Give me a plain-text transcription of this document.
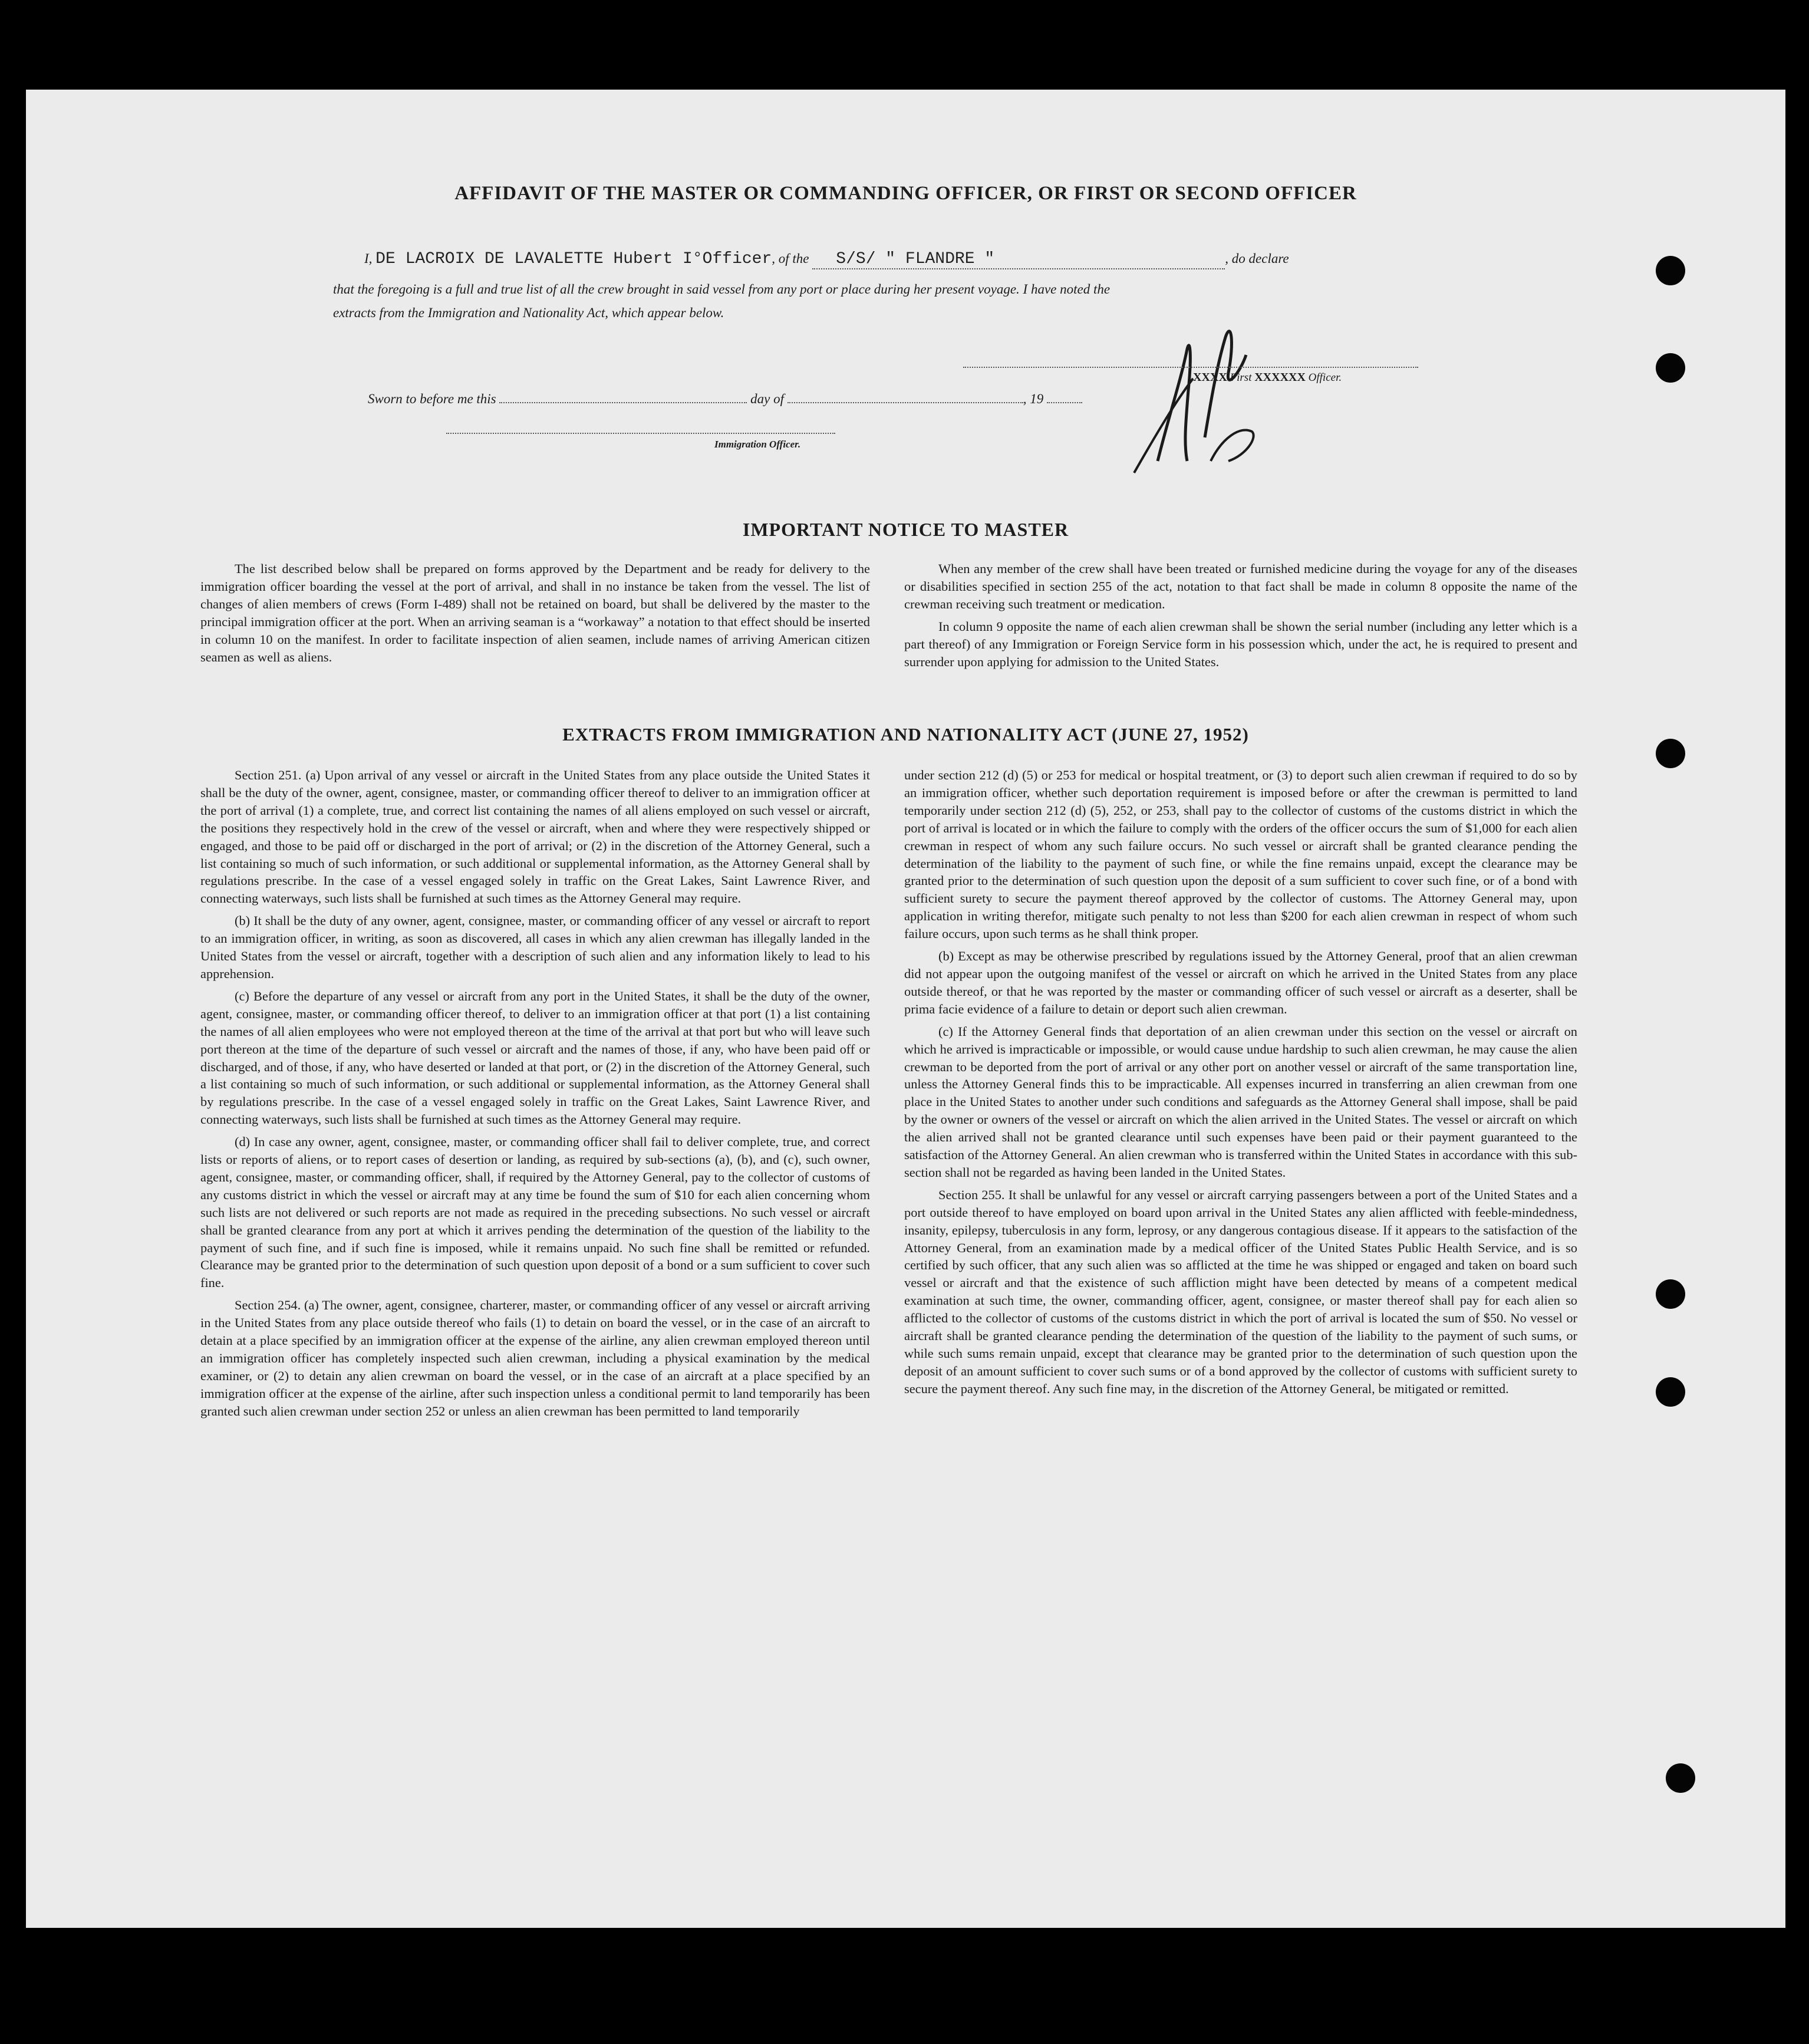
AFFIDAVIT OF THE MASTER OR COMMANDING OFFICER, OR FIRST OR SECOND OFFICER
I, DE LACROIX DE LAVALETTE Hubert I°Officer, of the S/S/ " FLANDRE "	, do declare
that the foregoing is a full and true list of all the crew brought in said vessel from any port or place during her present voyage. I have noted the
extracts from the Immigration and Nationality Act, which appear below.
XXXX First XXXXXX Officer.
Sworn to before me this	day of	, 19
Immigration Officer.
IMPORTANT NOTICE TO MASTER

The list described below shall be prepared on forms approved by the Department and be ready for delivery to the immigration officer boarding the vessel at the port of arrival, and shall in no instance be taken from the vessel. The list of changes of alien members of crews (Form I-489) shall not be retained on board, but shall be delivered by the master to the principal immigration officer at the port. When an arriving seaman is a “workaway” a notation to that effect should be inserted in column 10 on the manifest. In order to facilitate inspection of alien seamen, include names of arriving American citizen seamen as well as aliens.

When any member of the crew shall have been treated or furnished medicine during the voyage for any of the diseases or disabilities specified in section 255 of the act, notation to that fact shall be made in column 8 opposite the name of the crewman receiving such treatment or medication.

In column 9 opposite the name of each alien crewman shall be shown the serial number (including any letter which is a part thereof) of any Immigration or Foreign Service form in his possession which, under the act, he is required to present and surrender upon applying for admission to the United States.

EXTRACTS FROM IMMIGRATION AND NATIONALITY ACT (JUNE 27, 1952)

Section 251. (a) Upon arrival of any vessel or aircraft in the United States from any place outside the United States it shall be the duty of the owner, agent, consignee, master, or commanding officer thereof to deliver to an immigration officer at the port of arrival (1) a complete, true, and correct list containing the names of all aliens employed on such vessel or aircraft, the positions they respectively hold in the crew of the vessel or aircraft, when and where they were respectively shipped or engaged, and those to be paid off or discharged in the port of arrival; or (2) in the discretion of the Attorney General, such a list containing so much of such information, or such additional or supplemental information, as the Attorney General shall by regulations prescribe. In the case of a vessel engaged solely in traffic on the Great Lakes, Saint Lawrence River, and connecting waterways, such lists shall be furnished at such times as the Attorney General may require.

(b) It shall be the duty of any owner, agent, consignee, master, or commanding officer of any vessel or aircraft to report to an immigration officer, in writing, as soon as discovered, all cases in which any alien crewman has illegally landed in the United States from the vessel or aircraft, together with a description of such alien and any information likely to lead to his apprehension.

(c) Before the departure of any vessel or aircraft from any port in the United States, it shall be the duty of the owner, agent, consignee, master, or commanding officer thereof, to deliver to an immigration officer at that port (1) a list containing the names of all alien employees who were not employed thereon at the time of the arrival at that port but who will leave such port thereon at the time of the departure of such vessel or aircraft and the names of those, if any, who have been paid off or discharged, and of those, if any, who have deserted or landed at that port, or (2) in the discretion of the Attorney General, such a list containing so much of such information, or such additional or supplemental information, as the Attorney General shall by regulations prescribe. In the case of a vessel engaged solely in traffic on the Great Lakes, Saint Lawrence River, and connecting waterways, such lists shall be furnished at such times as the Attorney General may require.

(d) In case any owner, agent, consignee, master, or commanding officer shall fail to deliver complete, true, and correct lists or reports of aliens, or to report cases of desertion or landing, as required by sub-sections (a), (b), and (c), such owner, agent, consignee, master, or commanding officer, shall, if required by the Attorney General, pay to the collector of customs of any customs district in which the vessel or aircraft may at any time be found the sum of $10 for each alien concerning whom such lists are not delivered or such reports are not made as required in the preceding subsections. No such vessel or aircraft shall be granted clearance from any port at which it arrives pending the determination of the question of the liability to the payment of such fine, and if such fine is imposed, while it remains unpaid. No such fine shall be remitted or refunded. Clearance may be granted prior to the determination of such question upon deposit of a bond or a sum sufficient to cover such fine.

Section 254. (a) The owner, agent, consignee, charterer, master, or commanding officer of any vessel or aircraft arriving in the United States from any place outside thereof who fails (1) to detain on board the vessel, or in the case of an aircraft to detain at a place specified by an immigration officer at the expense of the airline, any alien crewman employed thereon until an immigration officer has completely inspected such alien crewman, including a physical examination by the medical examiner, or (2) to detain any alien crewman on board the vessel, or in the case of an aircraft at a place specified by an immigration officer at the expense of the airline, after such inspection unless a conditional permit to land temporarily has been granted such alien crewman under section 252 or unless an alien crewman has been permitted to land temporarily

under section 212 (d) (5) or 253 for medical or hospital treatment, or (3) to deport such alien crewman if required to do so by an immigration officer, whether such deportation requirement is imposed before or after the crewman is permitted to land temporarily under section 212 (d) (5), 252, or 253, shall pay to the collector of customs of the customs district in which the port of arrival is located or in which the failure to comply with the orders of the officer occurs the sum of $1,000 for each alien crewman in respect of whom any such failure occurs. No such vessel or aircraft shall be granted clearance pending the determination of the liability to the payment of such fine, or while the fine remains unpaid, except the clearance may be granted prior to the determination of such question upon the deposit of a sum sufficient to cover such fine, or of a bond with sufficient surety to secure the payment thereof approved by the collector of customs. The Attorney General may, upon application in writing therefor, mitigate such penalty to not less than $200 for each alien crewman in respect of whom such failure occurs, upon such terms as he shall think proper.

(b) Except as may be otherwise prescribed by regulations issued by the Attorney General, proof that an alien crewman did not appear upon the outgoing manifest of the vessel or aircraft on which he arrived in the United States from any place outside thereof, or that he was reported by the master or commanding officer of such vessel or aircraft as a deserter, shall be prima facie evidence of a failure to detain or deport such alien crewman.

(c) If the Attorney General finds that deportation of an alien crewman under this section on the vessel or aircraft on which he arrived is impracticable or impossible, or would cause undue hardship to such alien crewman, he may cause the alien crewman to be deported from the port of arrival or any other port on another vessel or aircraft of the same transportation line, unless the Attorney General finds this to be impracticable. All expenses incurred in transferring an alien crewman from one place in the United States to another under such conditions and safeguards as the Attorney General shall impose, shall be paid by the owner or owners of the vessel or aircraft on which the alien arrived in the United States. The vessel or aircraft on which the alien arrived shall not be granted clearance until such expenses have been paid or their payment guaranteed to the satisfaction of the Attorney General. An alien crewman who is transferred within the United States in accordance with this sub-section shall not be regarded as having been landed in the United States.

Section 255. It shall be unlawful for any vessel or aircraft carrying passengers between a port of the United States and a port outside thereof to have employed on board upon arrival in the United States any alien afflicted with feeble-mindedness, insanity, epilepsy, tuberculosis in any form, leprosy, or any dangerous contagious disease. If it appears to the satisfaction of the Attorney General, from an examination made by a medical officer of the United States Public Health Service, and is so certified by such officer, that any such alien was so afflicted at the time he was shipped or engaged and taken on board such vessel or aircraft and that the existence of such affliction might have been detected by means of a competent medical examination at such time, the owner, commanding officer, agent, consignee, or master thereof shall pay for each alien so afflicted to the collector of customs of the customs district in which the port of arrival is located the sum of $50. No vessel or aircraft shall be granted clearance pending the determination of the question of the liability to the payment of such sums, or while such sums remain unpaid, except that clearance may be granted prior to the determination of such question upon the deposit of an amount sufficient to cover such sums or of a bond approved by the collector of customs with sufficient surety to secure the payment thereof. Any such fine may, in the discretion of the Attorney General, be mitigated or remitted.
